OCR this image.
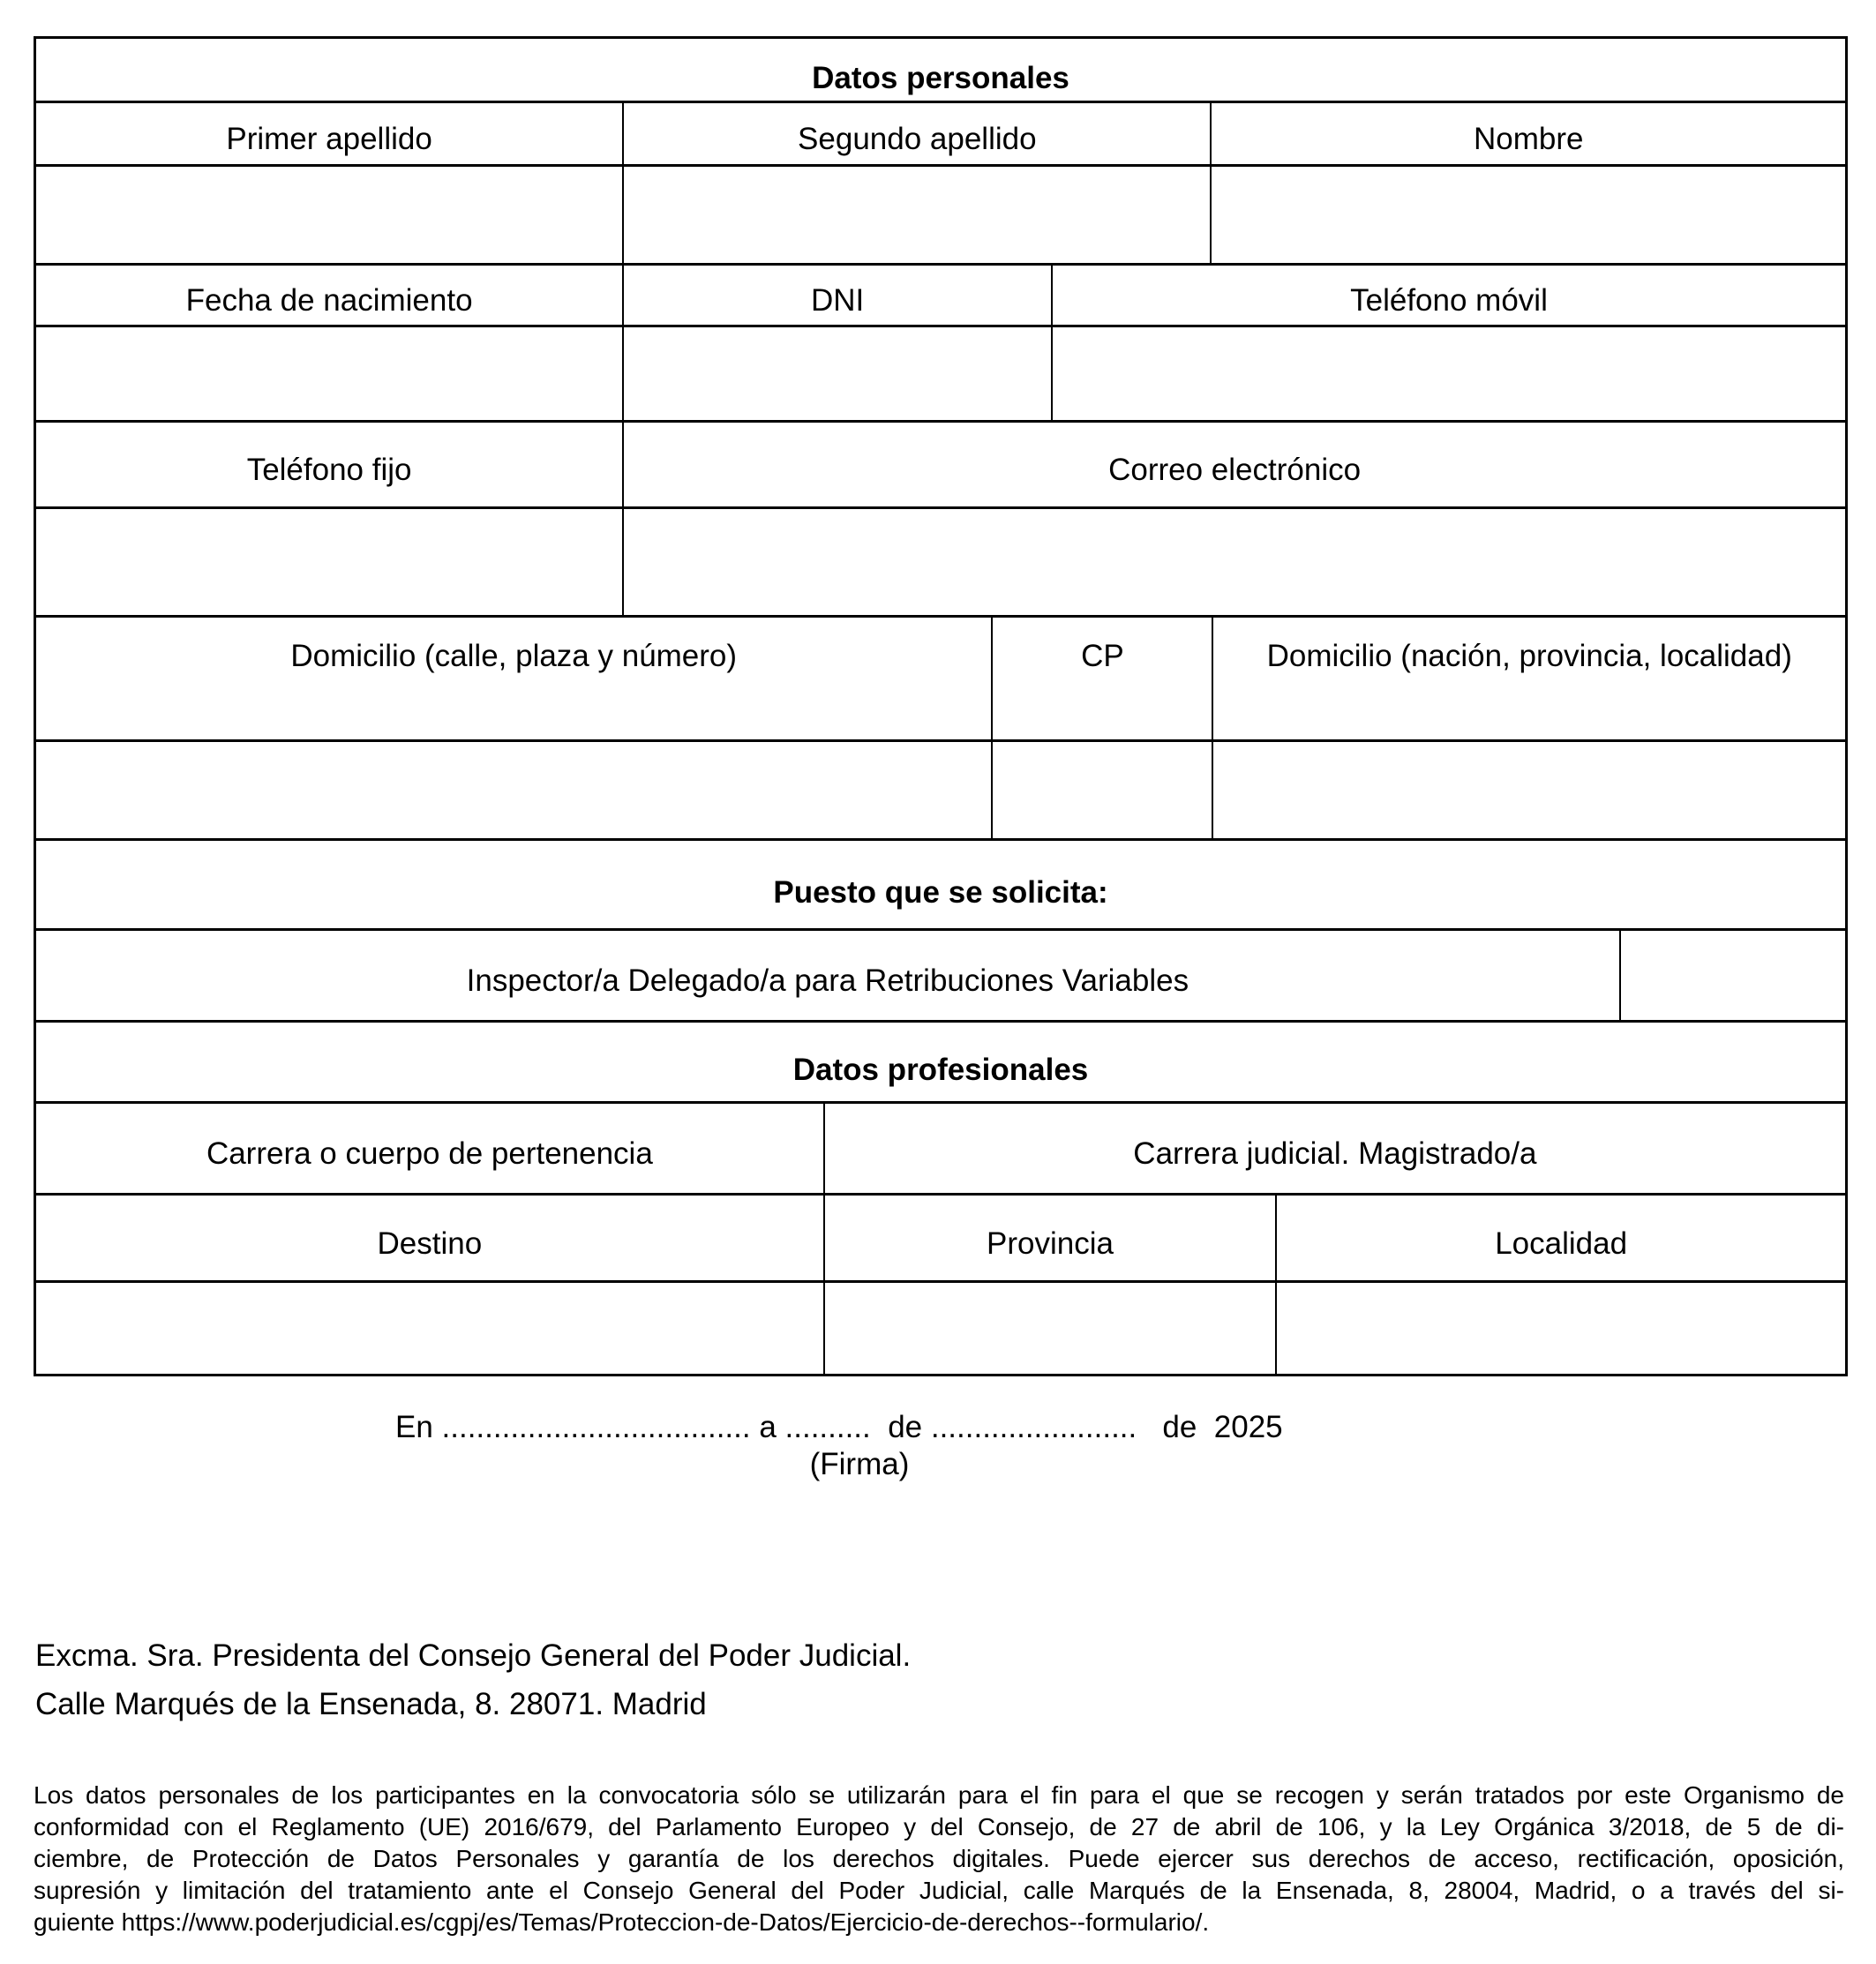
Datos personales
Primer apellido	Segundo apellido	Nombre
Fecha de nacimiento	DNI	Teléfono móvil
Teléfono fijo	Correo electrónico
Domicilio (calle, plaza y número)	CP	Domicilio (nación, provincia, localidad)
Puesto que se solicita:
Inspector/a Delegado/a para Retribuciones Variables
Datos profesionales
Carrera o cuerpo de pertenencia	Carrera judicial. Magistrado/a
Destino	Provincia	Localidad
En .................................... a ..........  de ........................   de  2025
(Firma)
Excma. Sra. Presidenta del Consejo General del Poder Judicial.
Calle Marqués de la Ensenada, 8. 28071. Madrid
Los datos personales de los participantes en la convocatoria sólo se utilizarán para el fin para el que se recogen y serán tratados por este Organismo de
conformidad con el Reglamento (UE) 2016/679, del Parlamento Europeo y del Consejo, de 27 de abril de 106, y la Ley Orgánica 3/2018, de 5 de di-
ciembre, de Protección de Datos Personales y garantía de los derechos digitales. Puede ejercer sus derechos de acceso, rectificación, oposición,
supresión y limitación del tratamiento ante el Consejo General del Poder Judicial, calle Marqués de la Ensenada, 8, 28004, Madrid, o a través del si-
guiente https://www.poderjudicial.es/cgpj/es/Temas/Proteccion-de-Datos/Ejercicio-de-derechos--formulario/.
